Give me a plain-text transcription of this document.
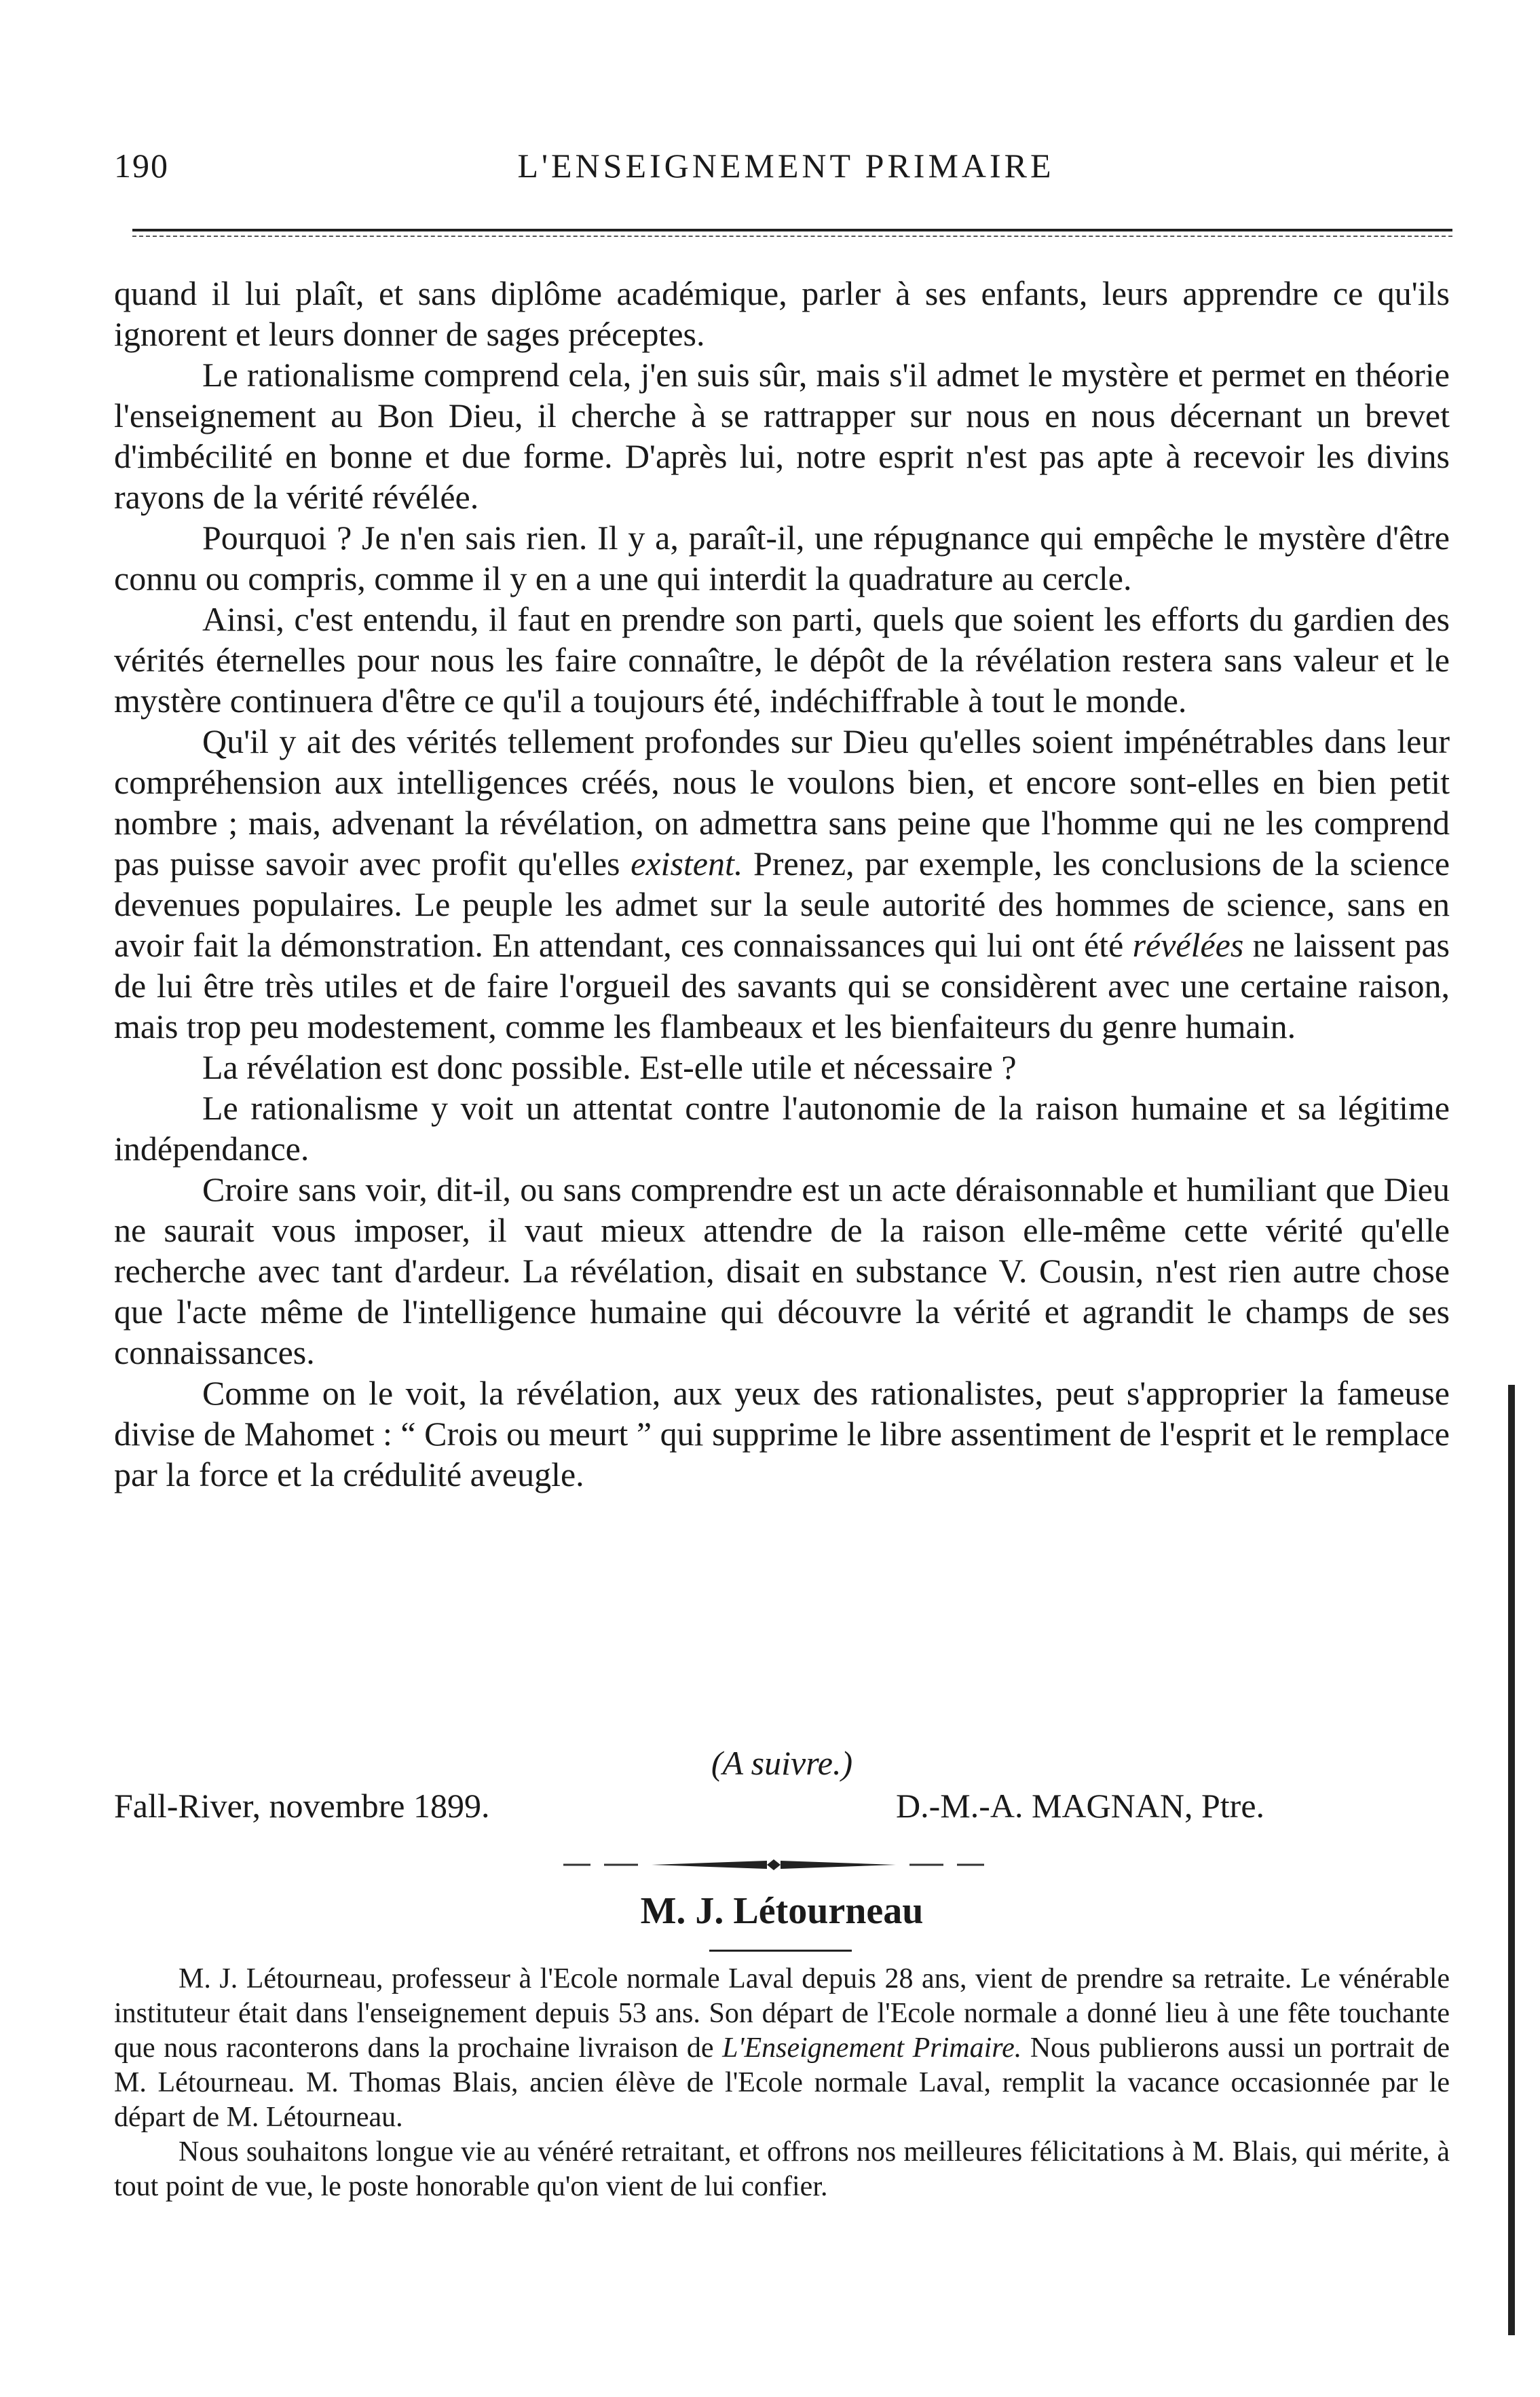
190	L'ENSEIGNEMENT PRIMAIRE

quand il lui plaît, et sans diplôme académique, parler à ses enfants, leurs apprendre ce qu'ils ignorent et leurs donner de sages préceptes.

Le rationalisme comprend cela, j'en suis sûr, mais s'il admet le mystère et permet en théorie l'enseignement au Bon Dieu, il cherche à se rattrapper sur nous en nous décernant un brevet d'imbécilité en bonne et due forme. D'après lui, notre esprit n'est pas apte à recevoir les divins rayons de la vérité révélée.

Pourquoi ? Je n'en sais rien. Il y a, paraît-il, une répugnance qui empêche le mystère d'être connu ou compris, comme il y en a une qui interdit la quadrature au cercle.

Ainsi, c'est entendu, il faut en prendre son parti, quels que soient les efforts du gardien des vérités éternelles pour nous les faire connaître, le dépôt de la révélation restera sans valeur et le mystère continuera d'être ce qu'il a toujours été, indéchiffrable à tout le monde.

Qu'il y ait des vérités tellement profondes sur Dieu qu'elles soient impénétrables dans leur compréhension aux intelligences créés, nous le voulons bien, et encore sont-elles en bien petit nombre ; mais, advenant la révélation, on admettra sans peine que l'homme qui ne les comprend pas puisse savoir avec profit qu'elles existent. Prenez, par exemple, les conclusions de la science devenues populaires. Le peuple les admet sur la seule autorité des hommes de science, sans en avoir fait la démonstration. En attendant, ces connaissances qui lui ont été révélées ne laissent pas de lui être très utiles et de faire l'orgueil des savants qui se considèrent avec une certaine raison, mais trop peu modestement, comme les flambeaux et les bienfaiteurs du genre humain.

La révélation est donc possible. Est-elle utile et nécessaire ?

Le rationalisme y voit un attentat contre l'autonomie de la raison humaine et sa légitime indépendance.

Croire sans voir, dit-il, ou sans comprendre est un acte déraisonnable et humiliant que Dieu ne saurait vous imposer, il vaut mieux attendre de la raison elle-même cette vérité qu'elle recherche avec tant d'ardeur. La révélation, disait en substance V. Cousin, n'est rien autre chose que l'acte même de l'intelligence humaine qui découvre la vérité et agrandit le champs de ses connaissances.

Comme on le voit, la révélation, aux yeux des rationalistes, peut s'approprier la fameuse divise de Mahomet : “ Crois ou meurt ” qui supprime le libre assentiment de l'esprit et le remplace par la force et la crédulité aveugle.

(A suivre.)
Fall-River, novembre 1899.	D.-M.-A. MAGNAN, Ptre.
M. J. Létourneau

M. J. Létourneau, professeur à l'Ecole normale Laval depuis 28 ans, vient de prendre sa retraite. Le vénérable instituteur était dans l'enseignement depuis 53 ans. Son départ de l'Ecole normale a donné lieu à une fête touchante que nous raconterons dans la prochaine livraison de L'Enseignement Primaire. Nous publierons aussi un portrait de M. Létourneau. M. Thomas Blais, ancien élève de l'Ecole normale Laval, remplit la vacance occasionnée par le départ de M. Létourneau.

Nous souhaitons longue vie au vénéré retraitant, et offrons nos meilleures félicitations à M. Blais, qui mérite, à tout point de vue, le poste honorable qu'on vient de lui confier.
